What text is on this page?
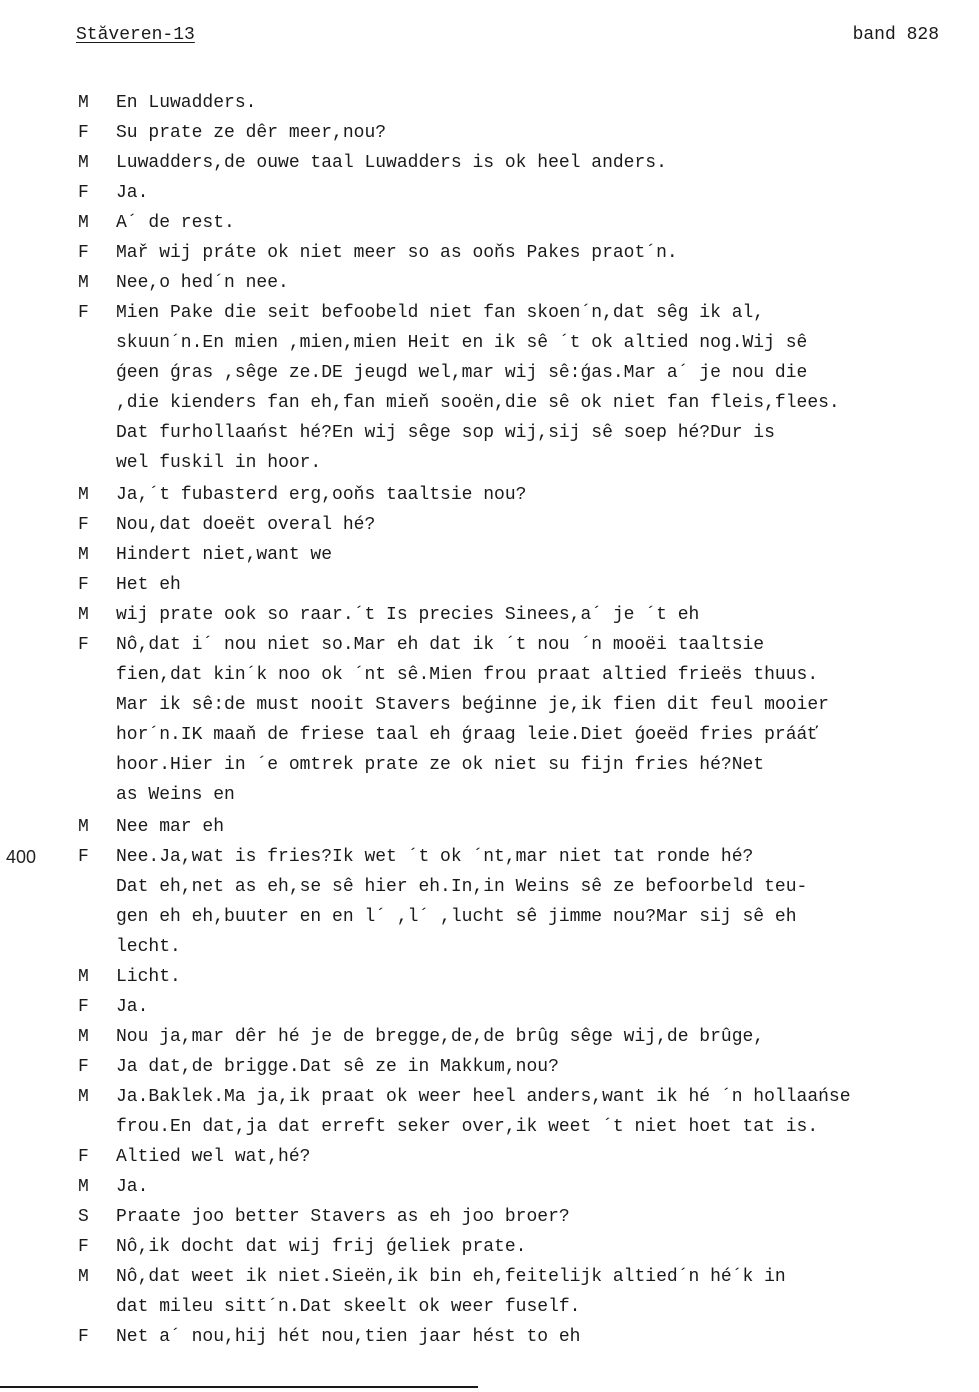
Stăveren-13	band 828
M En Luwadders.
F Su prate ze dêr meer,nou?
M Luwadders,de ouwe taal Luwadders is ok heel anders.
F Ja.
M A´ de rest.
F Mař wij práte ok niet meer so as ooňs Pakes praot´n.
M Nee,o hed´n nee.
F Mien Pake die seit befoobeld niet fan skoen´n,dat sêg ik al,
skuun´n.En mien ,mien,mien Heit en ik sê ´t ok altied nog.Wij sê
ǵeen ǵras ,sêge ze.DE jeugd wel,mar wij sê:ǵas.Mar a´ je nou die
,die kienders fan eh,fan mieň sooën,die sê ok niet fan fleis,flees.
Dat furhollaańst hé?En wij sêge sop wij,sij sê soep hé?Dur is
wel fuskil in hoor.
M Ja,´t fubasterd erg,ooňs taaltsie nou?
F Nou,dat doeët overal hé?
M Hindert niet,want we
F Het eh
M wij prate ook so raar.´t Is precies Sinees,a´ je ´t eh
F Nô,dat i´ nou niet so.Mar eh dat ik ´t nou ´n mooëi taaltsie
fien,dat kin´k noo ok ´nt sê.Mien frou praat altied frieës thuus.
Mar ik sê:de must nooit Stavers beǵinne je,ik fien dit feul mooier
hor´n.IK maaň de friese taal eh ǵraag leie.Diet ǵoeëd fries prááť
hoor.Hier in ´e omtrek prate ze ok niet su fijn fries hé?Net
as Weins en
M Nee mar eh
F Nee.Ja,wat is fries?Ik wet ´t ok ´nt,mar niet tat ronde hé?
Dat eh,net as eh,se sê hier eh.In,in Weins sê ze befoorbeld teu-
gen eh eh,buuter en en l´ ,l´ ,lucht sê jimme nou?Mar sij sê eh
lecht.
M Licht.
F Ja.
M Nou ja,mar dêr hé je de bregge,de,de brûg sêge wij,de brûge,
F Ja dat,de brigge.Dat sê ze in Makkum,nou?
M Ja.Baklek.Ma ja,ik praat ok weer heel anders,want ik hé ´n hollaańse
frou.En dat,ja dat erreft seker over,ik weet ´t niet hoet tat is.
F Altied wel wat,hé?
M Ja.
S Praate joo better Stavers as eh joo broer?
F Nô,ik docht dat wij frij ǵeliek prate.
M Nô,dat weet ik niet.Sieën,ik bin eh,feitelijk altied´n hé´k in
dat mileu sitt´n.Dat skeelt ok weer fuself.
F Net a´ nou,hij hét nou,tien jaar hést to eh
400
